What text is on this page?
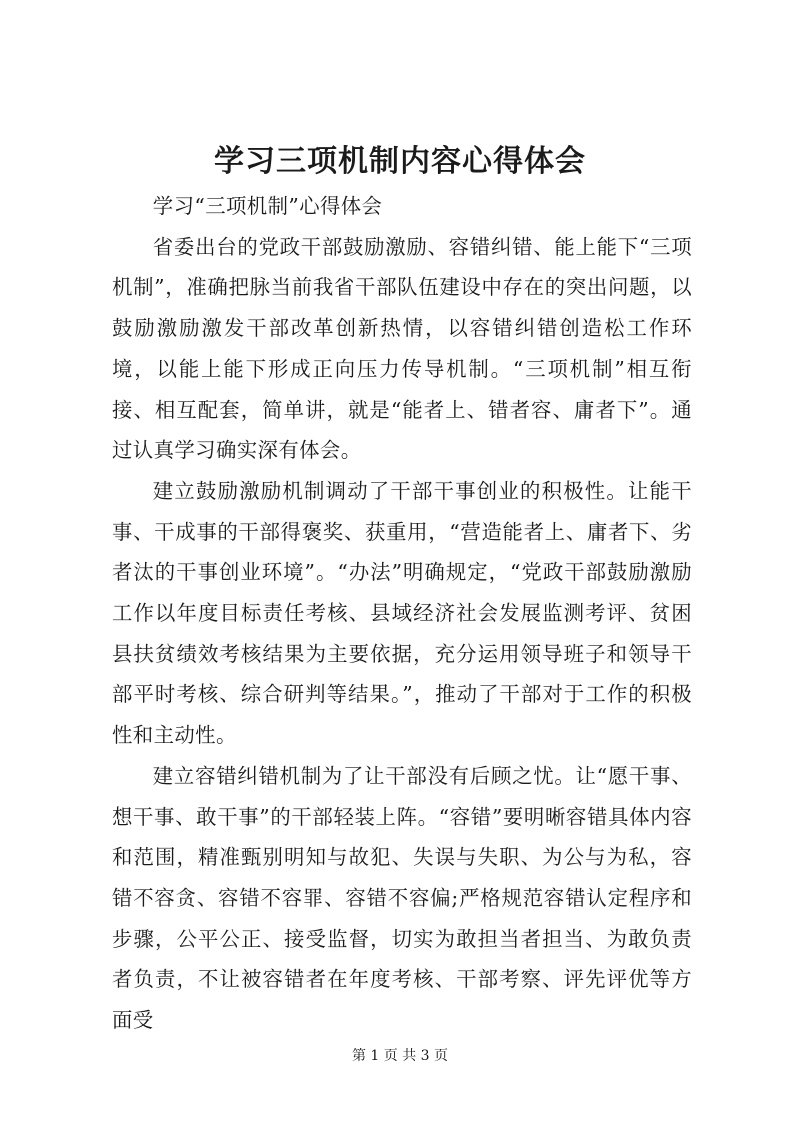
学习三项机制内容心得体会

学习“三项机制”心得体会

省委出台的党政干部鼓励激励、容错纠错、能上能下“三项机制”，准确把脉当前我省干部队伍建设中存在的突出问题，以鼓励激励激发干部改革创新热情，以容错纠错创造松工作环境，以能上能下形成正向压力传导机制。“三项机制”相互衔接、相互配套，简单讲，就是“能者上、错者容、庸者下”。通过认真学习确实深有体会。

建立鼓励激励机制调动了干部干事创业的积极性。让能干事、干成事的干部得褒奖、获重用，“营造能者上、庸者下、劣者汰的干事创业环境”。“办法”明确规定，“党政干部鼓励激励工作以年度目标责任考核、县域经济社会发展监测考评、贫困县扶贫绩效考核结果为主要依据，充分运用领导班子和领导干部平时考核、综合研判等结果。”，推动了干部对于工作的积极性和主动性。

建立容错纠错机制为了让干部没有后顾之忧。让“愿干事、想干事、敢干事”的干部轻装上阵。“容错”要明晰容错具体内容和范围，精准甄别明知与故犯、失误与失职、为公与为私，容错不容贪、容错不容罪、容错不容偏;严格规范容错认定程序和步骤，公平公正、接受监督，切实为敢担当者担当、为敢负责者负责，不让被容错者在年度考核、干部考察、评先评优等方面受

第 1 页 共 3 页
